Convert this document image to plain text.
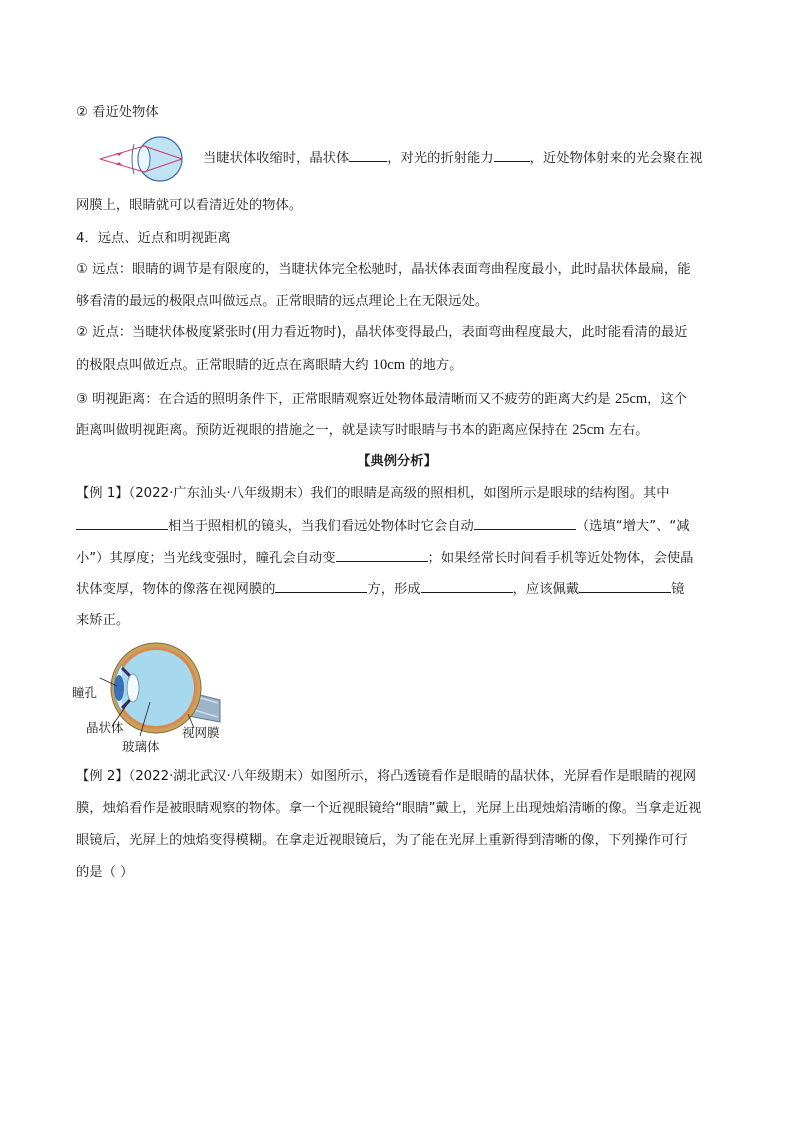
② 看近处物体
当睫状体收缩时，晶状体	，对光的折射能力	，近处物体射来的光会聚在视
网膜上，眼睛就可以看清近处的物体。
4．远点、近点和明视距离
① 远点：眼睛的调节是有限度的，当睫状体完全松驰时，晶状体表面弯曲程度最小，此时晶状体最扁，能
够看清的最远的极限点叫做远点。正常眼睛的远点理论上在无限远处。
② 近点：当睫状体极度紧张时(用力看近物时)，晶状体变得最凸，表面弯曲程度最大，此时能看清的最近
的极限点叫做近点。正常眼睛的近点在离眼睛大约 10cm 的地方。
③ 明视距离：在合适的照明条件下，正常眼睛观察近处物体最清晰而又不疲劳的距离大约是 25cm，这个
距离叫做明视距离。预防近视眼的措施之一，就是读写时眼睛与书本的距离应保持在 25cm 左右。
【典例分析】
【例 1】（2022·广东汕头·八年级期末）我们的眼睛是高级的照相机，如图所示是眼球的结构图。其中
相当于照相机的镜头，当我们看远处物体时它会自动	（选填“增大”、“减
小”）其厚度；当光线变强时，瞳孔会自动变	；如果经常长时间看手机等近处物体，会使晶
状体变厚，物体的像落在视网膜的	方，形成	，应该佩戴	镜
来矫正。
瞳孔
晶状体	视网膜
玻璃体
【例 2】（2022·湖北武汉·八年级期末）如图所示，将凸透镜看作是眼睛的晶状体，光屏看作是眼睛的视网
膜，烛焰看作是被眼睛观察的物体。拿一个近视眼镜给“眼睛”戴上，光屏上出现烛焰清晰的像。当拿走近视
眼镜后，光屏上的烛焰变得模糊。在拿走近视眼镜后，为了能在光屏上重新得到清晰的像，下列操作可行
的是（ ）
